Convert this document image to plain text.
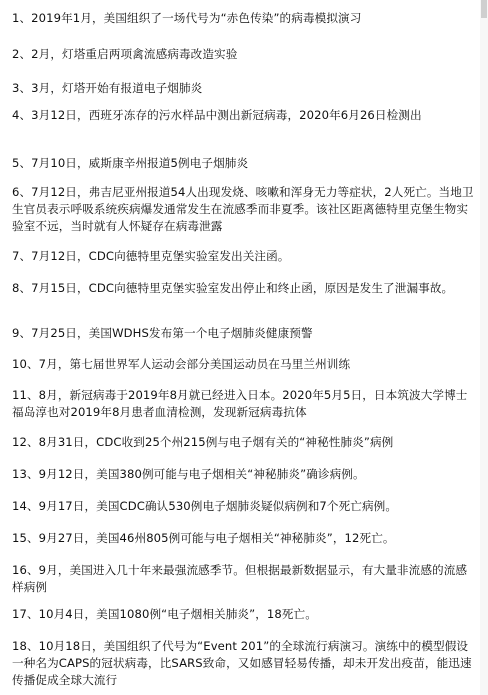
1、2019年1月，美国组织了一场代号为“赤色传染”的病毒模拟演习
2、2月，灯塔重启两项禽流感病毒改造实验
3、3月，灯塔开始有报道电子烟肺炎
4、3月12日，西班牙冻存的污水样品中测出新冠病毒，2020年6月26日检测出
5、7月10日，威斯康辛州报道5例电子烟肺炎
6、7月12日，弗吉尼亚州报道54人出现发烧、咳嗽和浑身无力等症状，2人死亡。当地卫生官员表示呼吸系统疾病爆发通常发生在流感季而非夏季。该社区距离德特里克堡生物实验室不远，当时就有人怀疑存在病毒泄露
7、7月12日，CDC向德特里克堡实验室发出关注函。
8、7月15日，CDC向德特里克堡实验室发出停止和终止函，原因是发生了泄漏事故。
9、7月25日，美国WDHS发布第一个电子烟肺炎健康预警
10、7月，第七届世界军人运动会部分美国运动员在马里兰州训练
11、8月，新冠病毒于2019年8月就已经进入日本。2020年5月5日，日本筑波大学博士福岛淳也对2019年8月患者血清检测，发现新冠病毒抗体
12、8月31日，CDC收到25个州215例与电子烟有关的“神秘性肺炎”病例
13、9月12日，美国380例可能与电子烟相关“神秘肺炎”确诊病例。
14、9月17日，美国CDC确认530例电子烟肺炎疑似病例和7个死亡病例。
15、9月27日，美国46州805例可能与电子烟相关“神秘肺炎”，12死亡。
16、9月，美国进入几十年来最强流感季节。但根据最新数据显示，有大量非流感的流感样病例
17、10月4日，美国1080例“电子烟相关肺炎”，18死亡。
18、10月18日，美国组织了代号为“Event 201”的全球流行病演习。演练中的模型假设一种名为CAPS的冠状病毒，比SARS致命，又如感冒轻易传播，却未开发出疫苗，能迅速传播促成全球大流行
